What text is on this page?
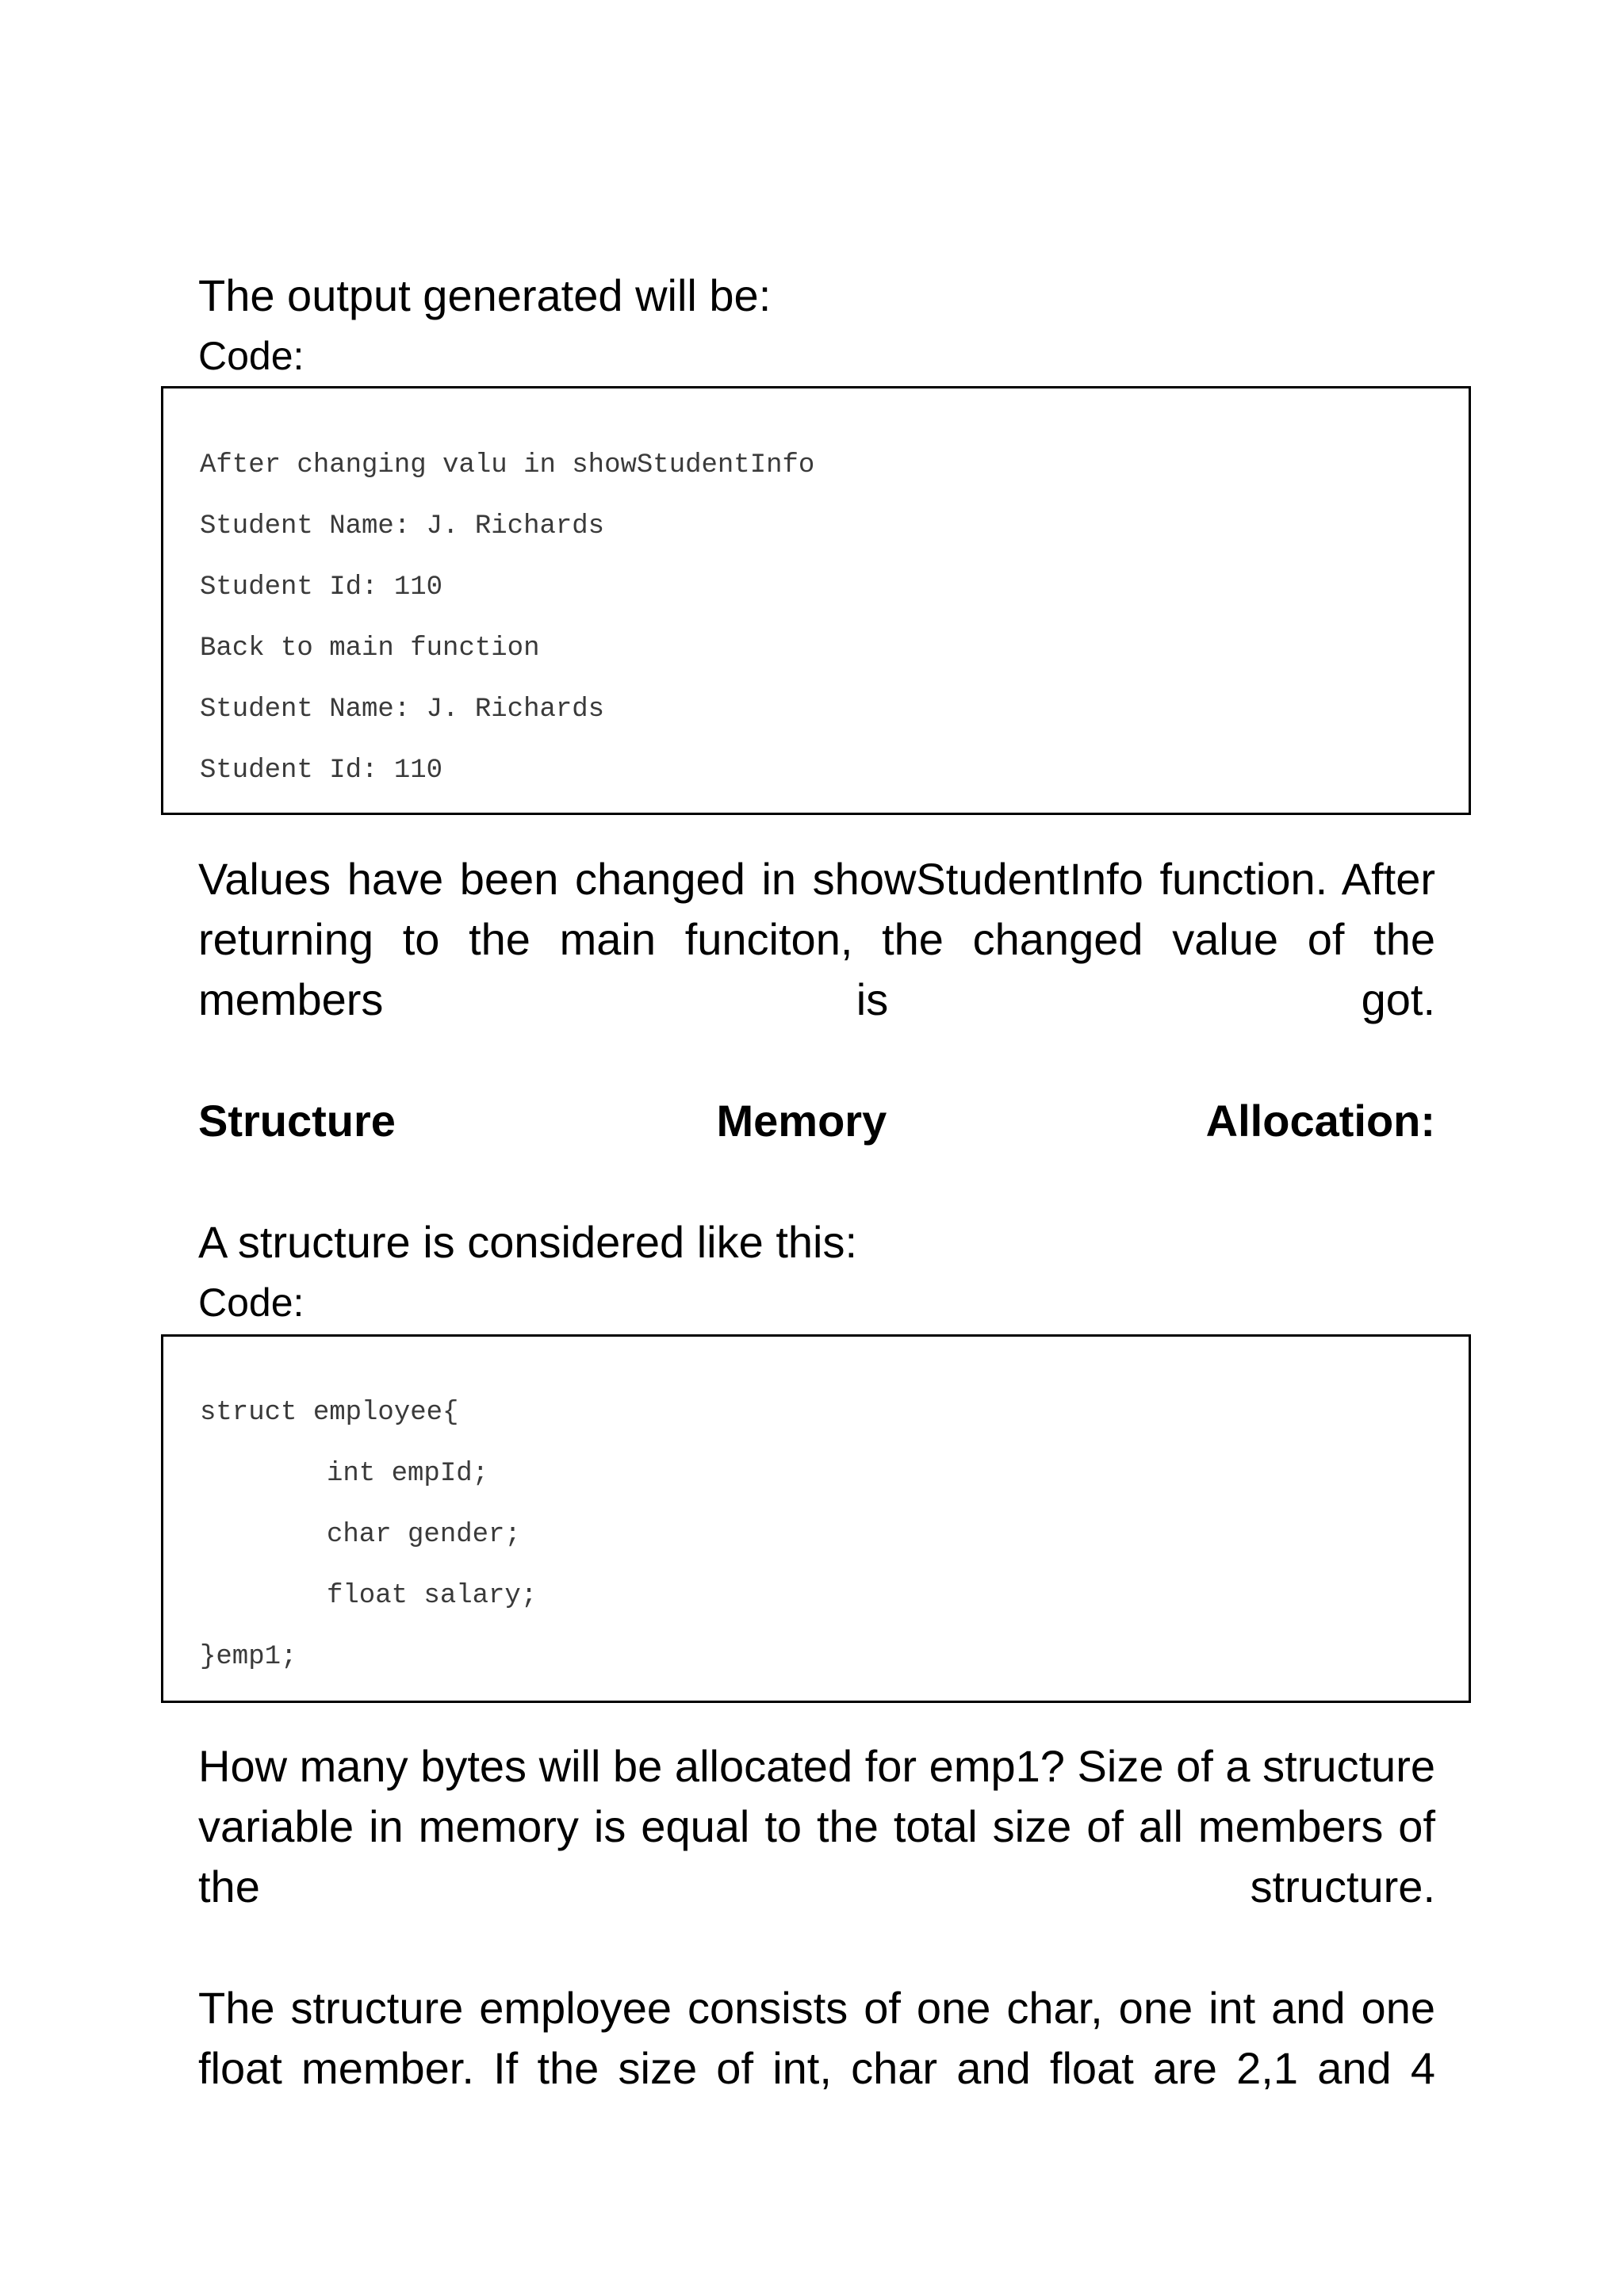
The output generated will be:

Code:

After changing valu in showStudentInfo

Student Name: J. Richards

Student Id: 110

Back to main function

Student Name: J. Richards

Student Id: 110

Values have been changed in showStudentInfo function. After returning to the main funciton, the changed value of the members is got.

Structure Memory Allocation:

A structure is considered like this:

Code:

struct employee{

int empId;

char gender;

float salary;

}emp1;

How many bytes will be allocated for emp1? Size of a structure variable in memory is equal to the total size of all members of the structure.

The structure employee consists of one char, one int and one float member. If the size of int, char and float are 2,1 and 4
